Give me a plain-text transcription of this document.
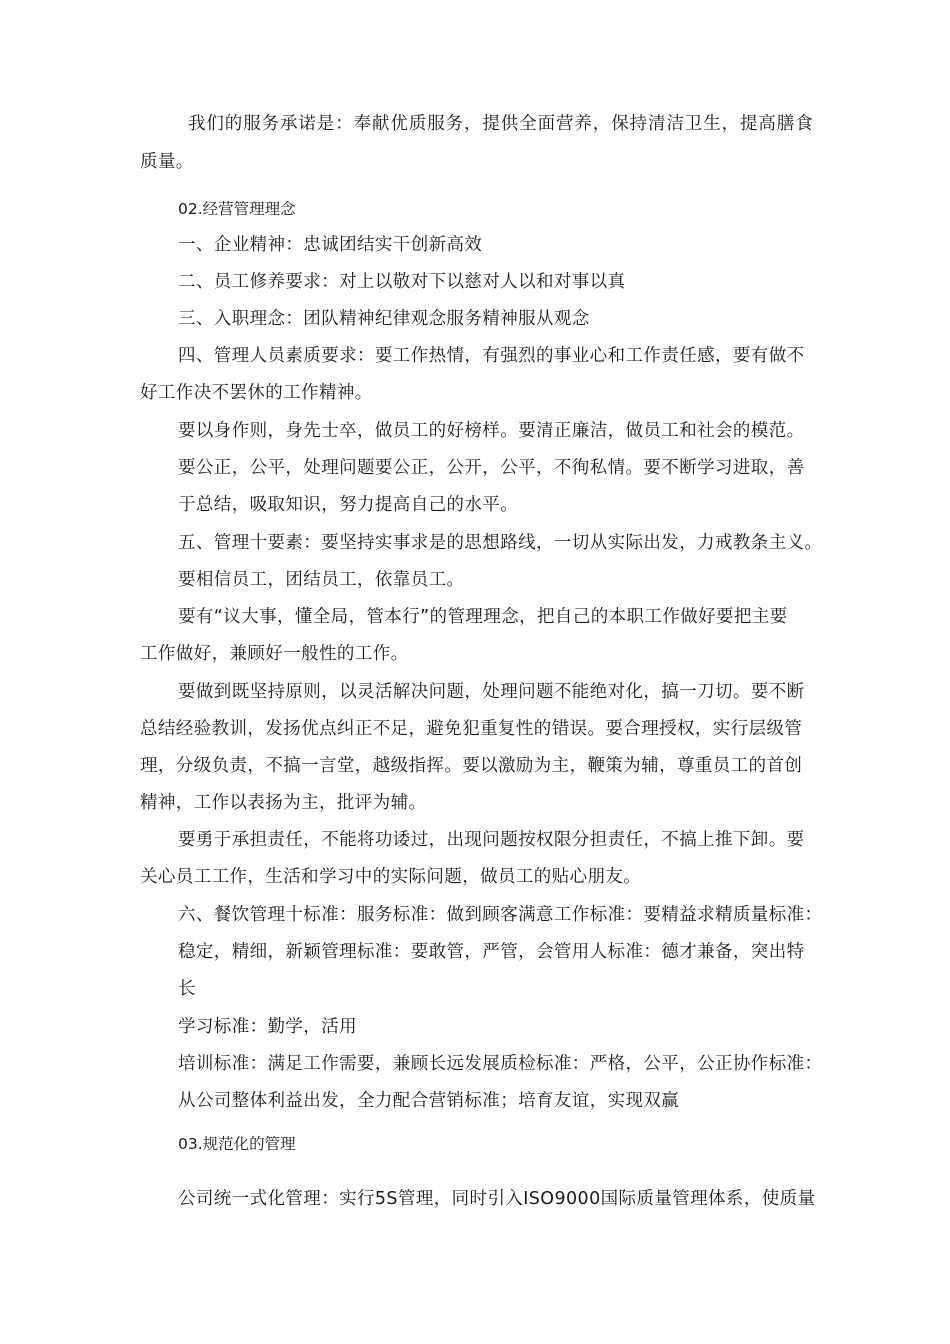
我们的服务承诺是：奉献优质服务，提供全面营养，保持清洁卫生，提高膳食
质量。
02.经营管理理念
一、企业精神：忠诚团结实干创新高效
二、员工修养要求：对上以敬对下以慈对人以和对事以真
三、入职理念：团队精神纪律观念服务精神服从观念
四、管理人员素质要求：要工作热情，有强烈的事业心和工作责任感，要有做不
好工作决不罢休的工作精神。
要以身作则，身先士卒，做员工的好榜样。要清正廉洁，做员工和社会的模范。
要公正，公平，处理问题要公正，公开，公平，不徇私情。要不断学习进取，善
于总结，吸取知识，努力提高自己的水平。
五、管理十要素：要坚持实事求是的思想路线，一切从实际出发，力戒教条主义。
要相信员工，团结员工，依靠员工。
要有“议大事，懂全局，管本行”的管理理念，把自己的本职工作做好要把主要
工作做好，兼顾好一般性的工作。
要做到既坚持原则，以灵活解决问题，处理问题不能绝对化，搞一刀切。要不断
总结经验教训，发扬优点纠正不足，避免犯重复性的错误。要合理授权，实行层级管
理，分级负责，不搞一言堂，越级指挥。要以激励为主，鞭策为辅，尊重员工的首创
精神，工作以表扬为主，批评为辅。
要勇于承担责任，不能将功诿过，出现问题按权限分担责任，不搞上推下卸。要
关心员工工作，生活和学习中的实际问题，做员工的贴心朋友。
六、餐饮管理十标准：服务标准：做到顾客满意工作标准：要精益求精质量标准：
稳定，精细，新颖管理标准：要敢管，严管，会管用人标准：德才兼备，突出特
长
学习标准：勤学，活用
培训标准：满足工作需要，兼顾长远发展质检标准：严格，公平，公正协作标准：
从公司整体利益出发，全力配合营销标准；培育友谊，实现双赢
03.规范化的管理
公司统一式化管理：实行5S管理，同时引入ISO9000国际质量管理体系，使质量
